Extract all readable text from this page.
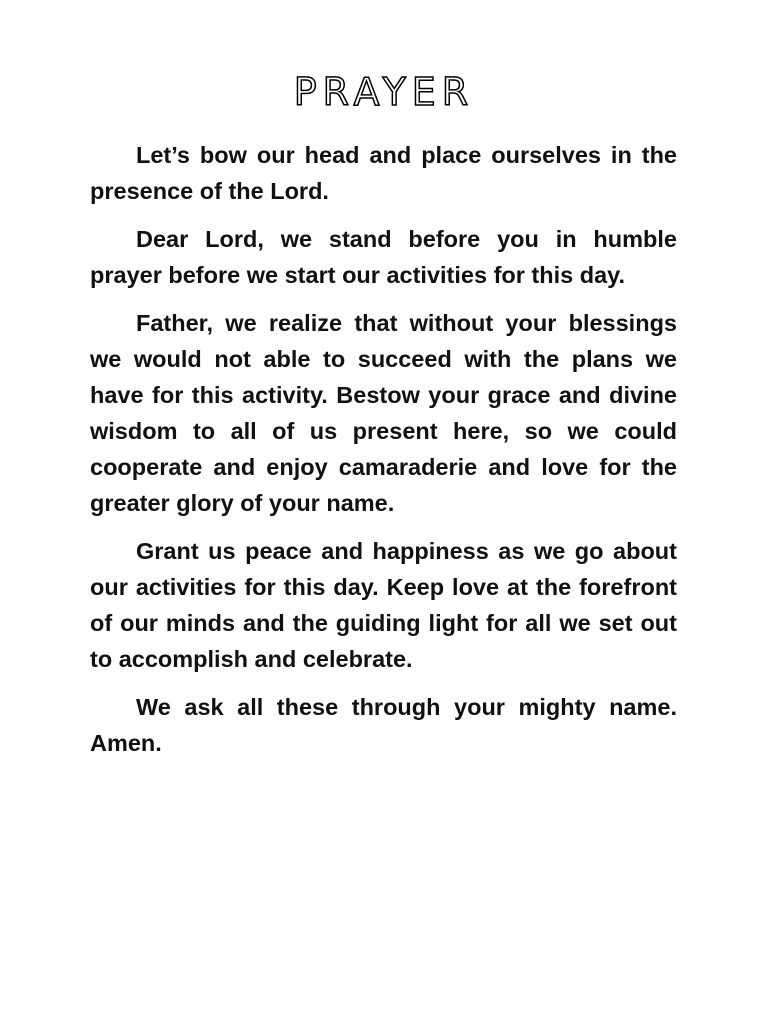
PRAYER

Let’s bow our head and place ourselves in the presence of the Lord.

Dear Lord, we stand before you in humble prayer before we start our activities for this day.

Father, we realize that without your blessings we would not able to succeed with the plans we have for this activity. Bestow your grace and divine wisdom to all of us present here, so we could cooperate and enjoy camaraderie and love for the greater glory of your name.

Grant us peace and happiness as we go about our activities for this day. Keep love at the forefront of our minds and the guiding light for all we set out to accomplish and celebrate.

We ask all these through your mighty name. Amen.
